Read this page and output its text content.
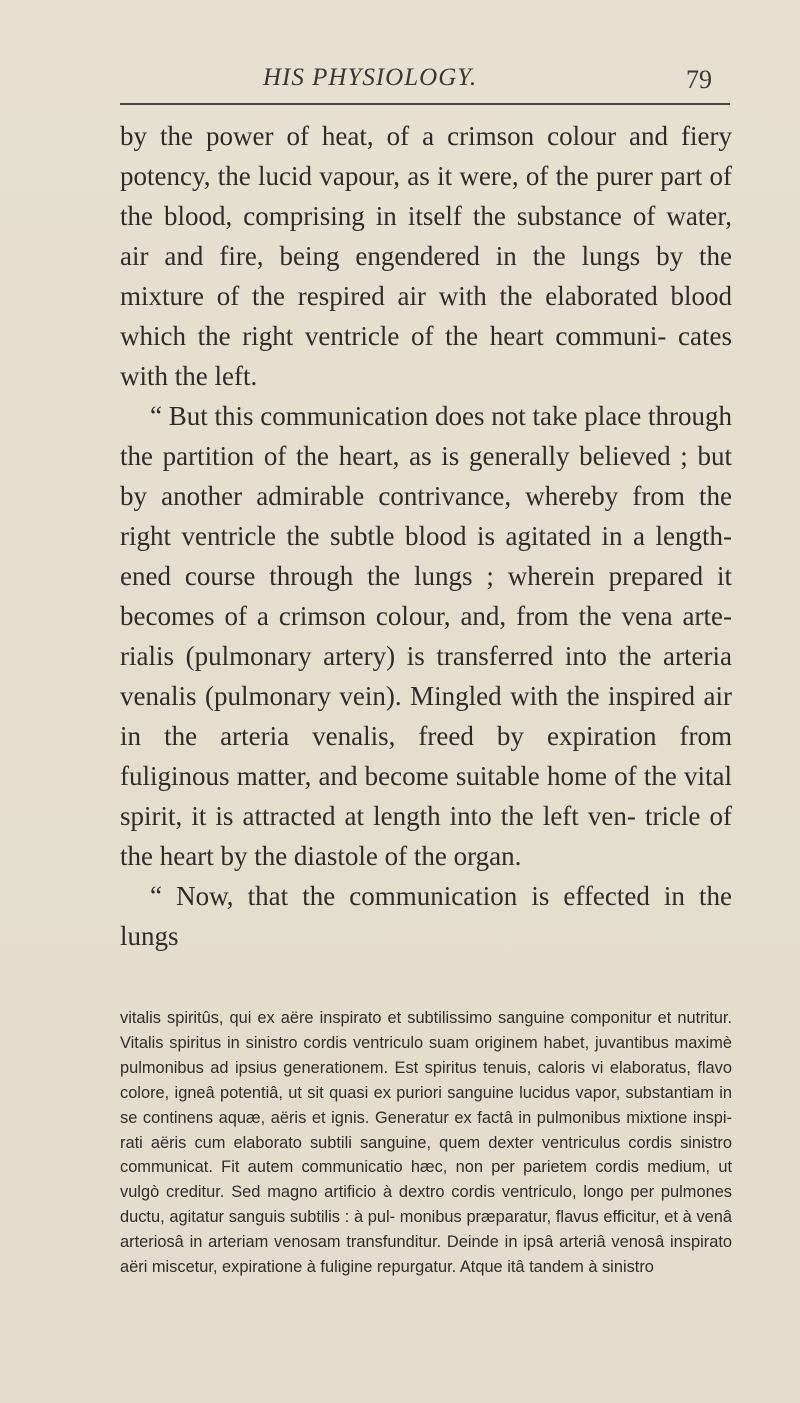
HIS PHYSIOLOGY.	79

by the power of heat, of a crimson colour and fiery potency, the lucid vapour, as it were, of the purer part of the blood, comprising in itself the substance of water, air and fire, being engendered in the lungs by the mixture of the respired air with the elaborated blood which the right ventricle of the heart communi- cates with the left.

“ But this communication does not take place through the partition of the heart, as is generally believed ; but by another admirable contrivance, whereby from the right ventricle the subtle blood is agitated in a length- ened course through the lungs ; wherein prepared it becomes of a crimson colour, and, from the vena arte- rialis (pulmonary artery) is transferred into the arteria venalis (pulmonary vein). Mingled with the inspired air in the arteria venalis, freed by expiration from fuliginous matter, and become suitable home of the vital spirit, it is attracted at length into the left ven- tricle of the heart by the diastole of the organ.

“ Now, that the communication is effected in the lungs

vitalis spiritûs, qui ex aëre inspirato et subtilissimo sanguine componitur et nutritur. Vitalis spiritus in sinistro cordis ventriculo suam originem habet, juvantibus maximè pulmonibus ad ipsius generationem. Est spiritus tenuis, caloris vi elaboratus, flavo colore, igneâ potentiâ, ut sit quasi ex puriori sanguine lucidus vapor, substantiam in se continens aquæ, aëris et ignis. Generatur ex factâ in pulmonibus mixtione inspi- rati aëris cum elaborato subtili sanguine, quem dexter ventriculus cordis sinistro communicat. Fit autem communicatio hæc, non per parietem cordis medium, ut vulgò creditur. Sed magno artificio à dextro cordis ventriculo, longo per pulmones ductu, agitatur sanguis subtilis : à pul- monibus præparatur, flavus efficitur, et à venâ arteriosâ in arteriam venosam transfunditur. Deinde in ipsâ arteriâ venosâ inspirato aëri miscetur, expiratione à fuligine repurgatur. Atque itâ tandem à sinistro
